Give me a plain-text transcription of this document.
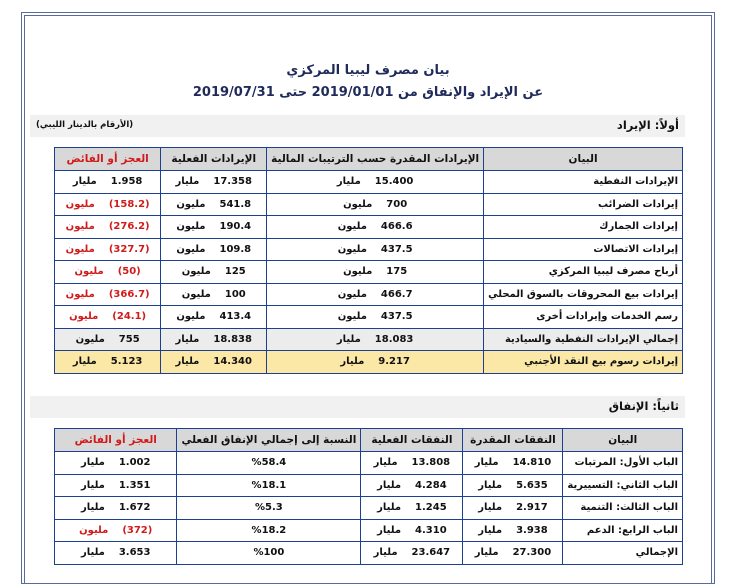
بيان مصرف ليبيا المركزي
عن الإيراد والإنفاق من 2019/01/01 حتى 2019/07/31
أولاً: الإيراد
(الأرقام بالدينار الليبي)
البيان	الإيرادات المقدرة حسب الترتيبات المالية	الإيرادات الفعلية	العجز أو الفائض
الإيرادات النفطية	15.400مليار	17.358مليار	1.958مليار
إيرادات الضرائب	700مليون	541.8مليون	(158.2)مليون
إيرادات الجمارك	466.6مليون	190.4مليون	(276.2)مليون
إيرادات الاتصالات	437.5مليون	109.8مليون	(327.7)مليون
أرباح مصرف ليبيا المركزي	175مليون	125مليون	(50)مليون
إيرادات بيع المحروقات بالسوق المحلي	466.7مليون	100مليون	(366.7)مليون
رسم الخدمات وإيرادات أخرى	437.5مليون	413.4مليون	(24.1)مليون
إجمالي الإيرادات النفطية والسيادية	18.083مليار	18.838مليار	755مليون
إيرادات رسوم بيع النقد الأجنبي	9.217مليار	14.340مليار	5.123مليار
ثانياً: الإنفاق
البيان	النفقات المقدرة	النفقات الفعلية	النسبة إلى إجمالي الإنفاق الفعلي	العجز أو الفائض
الباب الأول: المرتبات	14.810مليار	13.808مليار	%58.4	1.002مليار
الباب الثاني: التسييرية	5.635مليار	4.284مليار	%18.1	1.351مليار
الباب الثالث: التنمية	2.917مليار	1.245مليار	%5.3	1.672مليار
الباب الرابع: الدعم	3.938مليار	4.310مليار	%18.2	(372)مليون
الإجمالي	27.300مليار	23.647مليار	%100	3.653مليار
